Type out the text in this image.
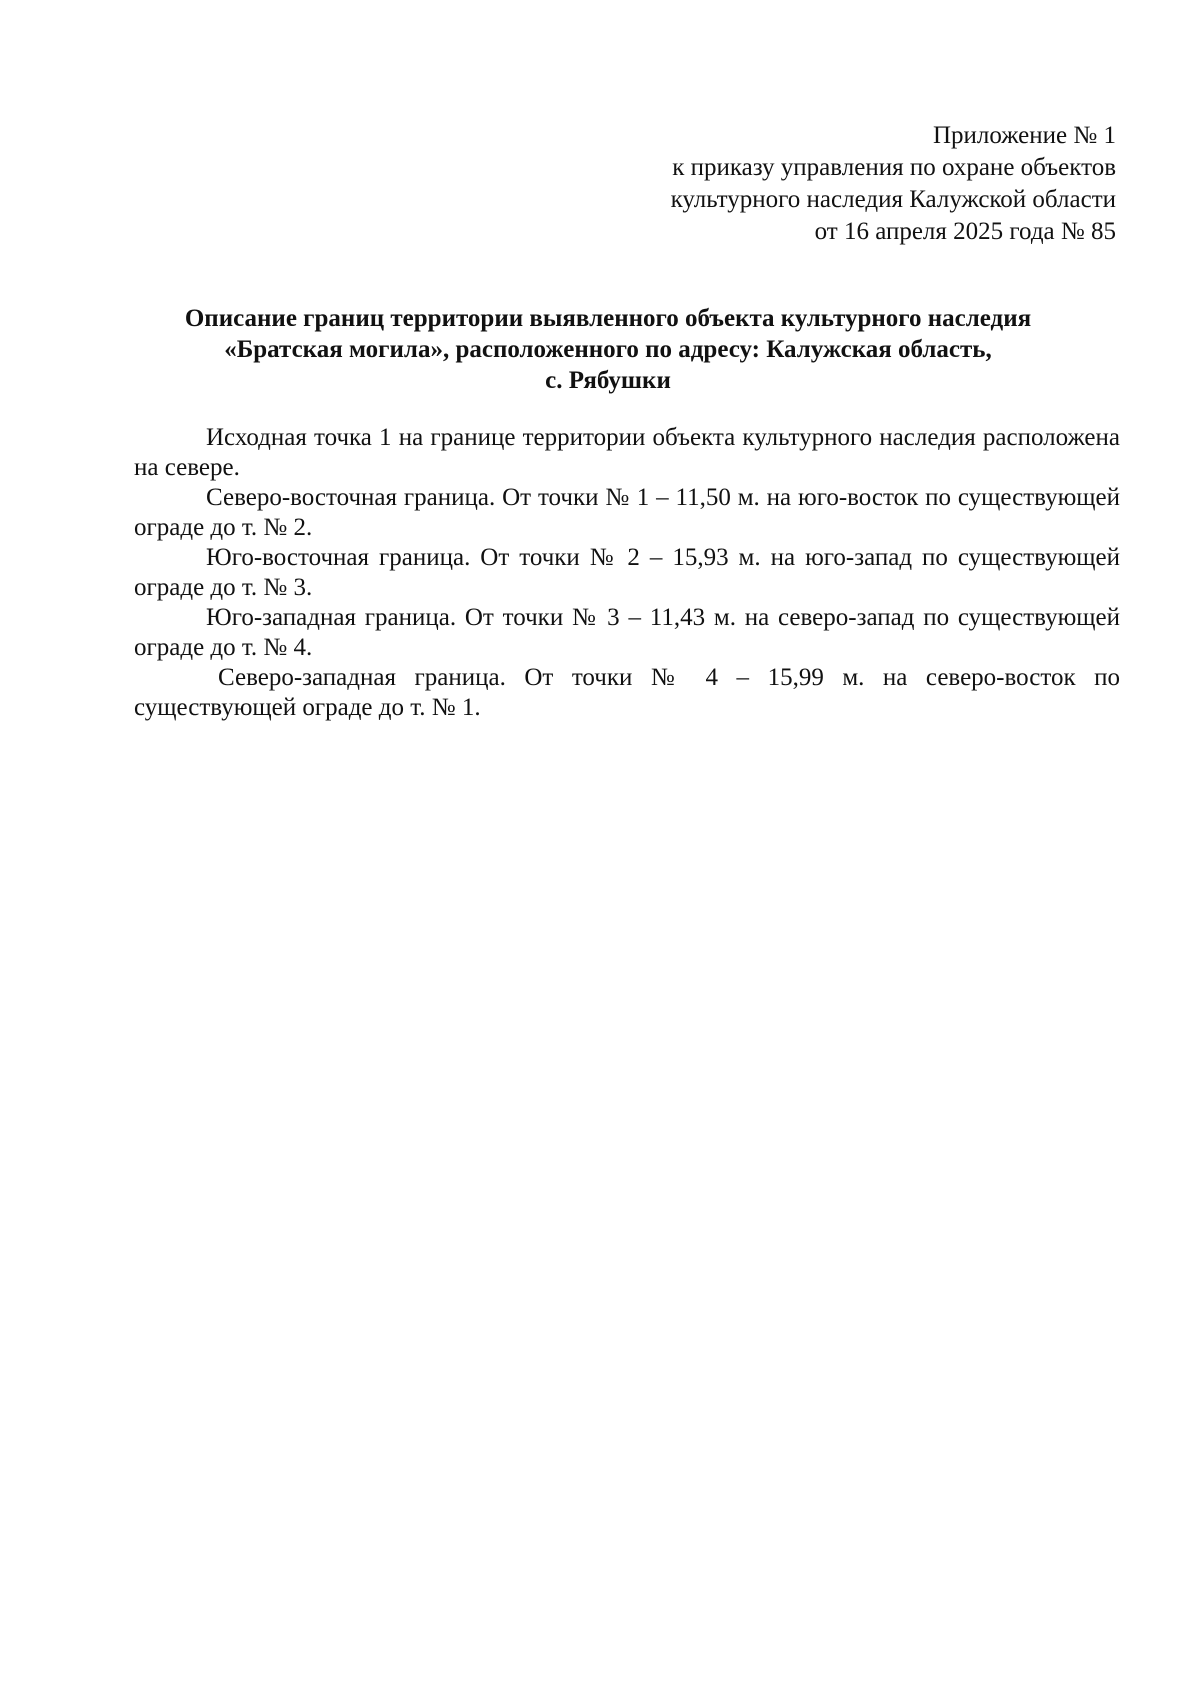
Приложение № 1
к приказу управления по охране объектов
культурного наследия Калужской области
от 16 апреля 2025 года № 85
Описание границ территории выявленного объекта культурного наследия
«Братская могила», расположенного по адресу: Калужская область,
с. Рябушки

Исходная точка 1 на границе территории объекта культурного наследия расположена на севере.

Северо-восточная граница. От точки № 1 – 11,50 м. на юго-восток по существующей ограде до т. № 2.

Юго-восточная граница. От точки № 2 – 15,93 м. на юго-запад по существующей ограде до т. № 3.

Юго-западная граница. От точки № 3 – 11,43 м. на северо-запад по существующей ограде до т. № 4.

Северо-западная граница. От точки № 4 – 15,99 м. на северо-восток по существующей ограде до т. № 1.
